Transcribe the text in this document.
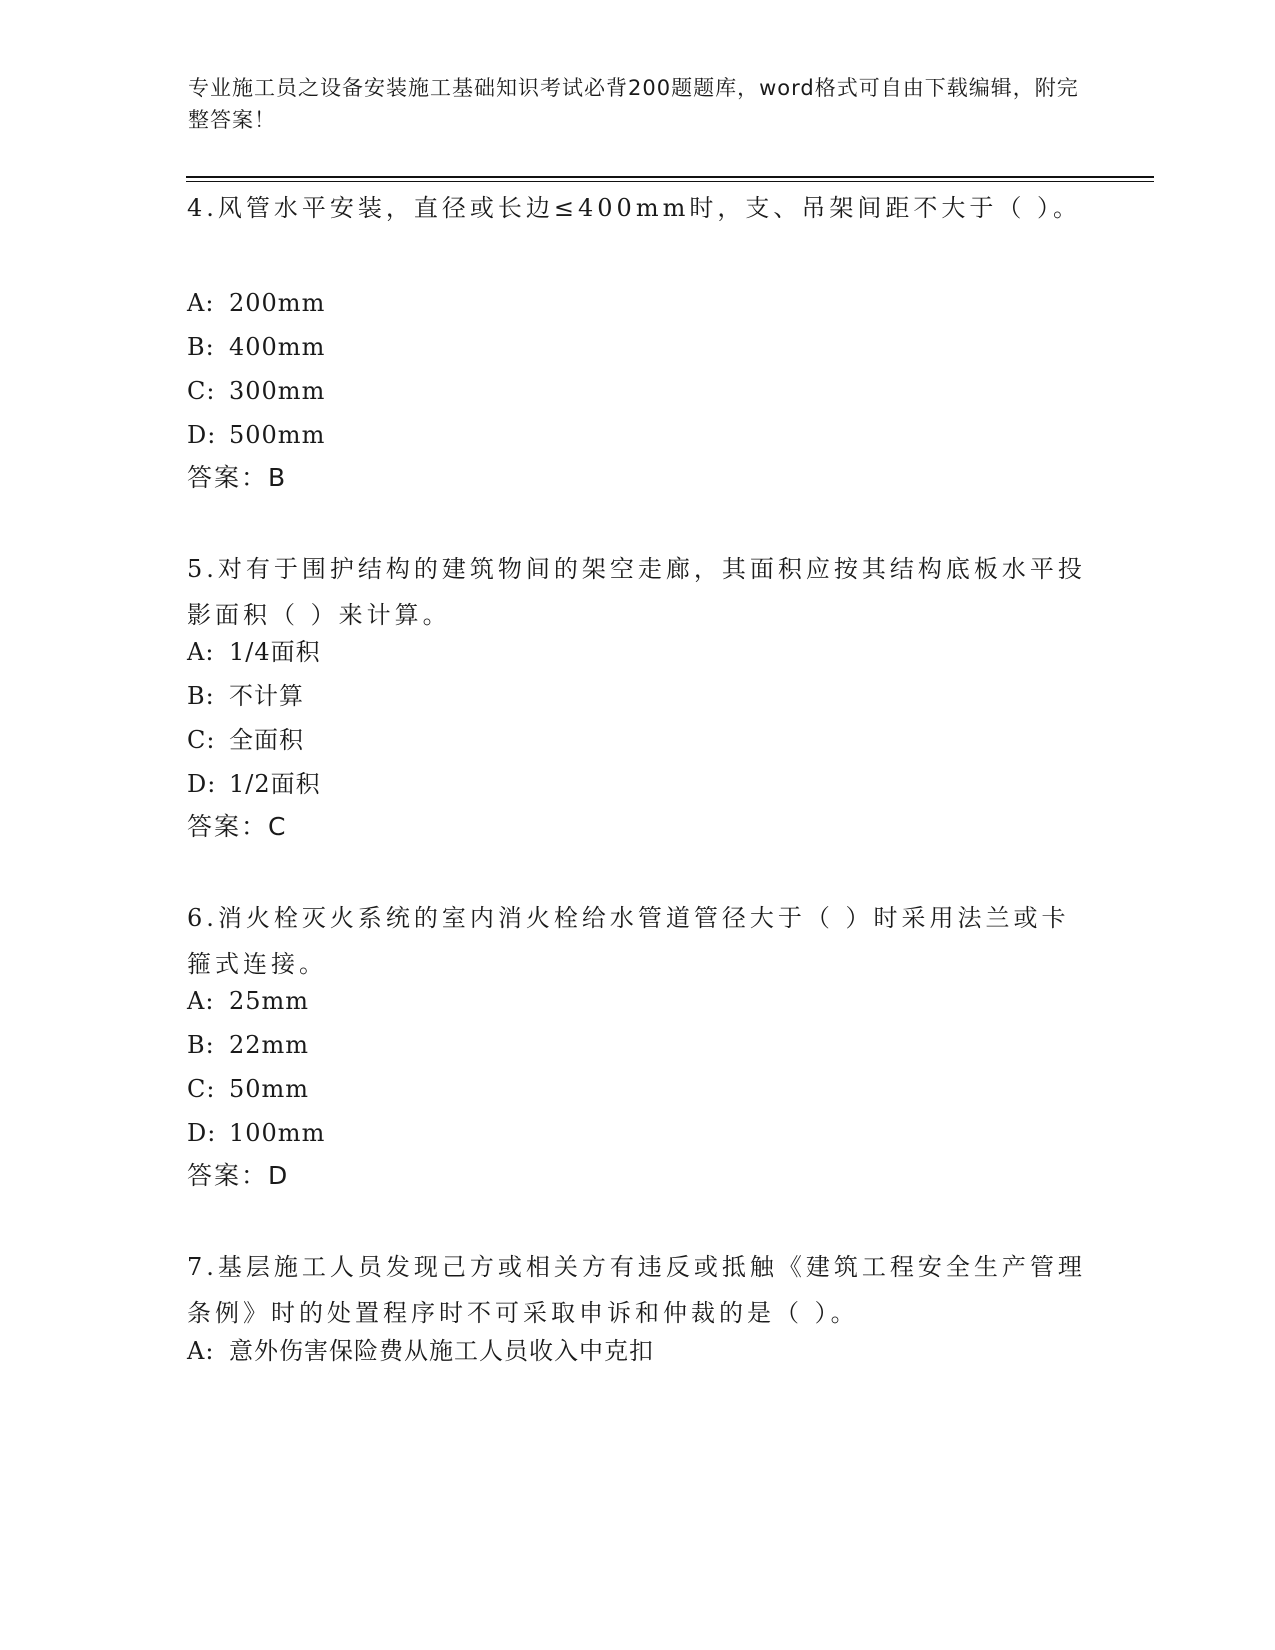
专业施工员之设备安装施工基础知识考试必背200题题库，word格式可自由下载编辑，附完整答案！

4.风管水平安装，直径或长边≤400mm时，支、吊架间距不大于（ ）。

A: 200mm
B: 400mm
C: 300mm
D: 500mm
答案：B

5.对有于围护结构的建筑物间的架空走廊，其面积应按其结构底板水平投影面积（ ）来计算。

A: 1/4面积
B: 不计算
C: 全面积
D: 1/2面积
答案：C

6.消火栓灭火系统的室内消火栓给水管道管径大于（ ）时采用法兰或卡箍式连接。

A: 25mm
B: 22mm
C: 50mm
D: 100mm
答案：D

7.基层施工人员发现己方或相关方有违反或抵触《建筑工程安全生产管理条例》时的处置程序时不可采取申诉和仲裁的是（ ）。

A: 意外伤害保险费从施工人员收入中克扣
